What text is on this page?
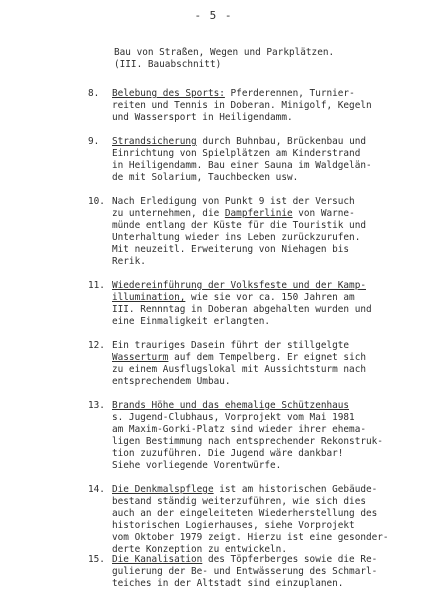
- 5 -
Bau von Straßen, Wegen und Parkplätzen.
(III. Bauabschnitt)
8. Belebung des Sports: Pferderennen, Turnier-
reiten und Tennis in Doberan. Minigolf, Kegeln
und Wassersport in Heiligendamm.
9. Strandsicherung durch Buhnbau, Brückenbau und
Einrichtung von Spielplätzen am Kinderstrand
in Heiligendamm. Bau einer Sauna im Waldgelän-
de mit Solarium, Tauchbecken usw.
10. Nach Erledigung von Punkt 9 ist der Versuch
zu unternehmen, die Dampferlinie von Warne-
münde entlang der Küste für die Touristik und
Unterhaltung wieder ins Leben zurückzurufen.
Mit neuzeitl. Erweiterung von Niehagen bis
Rerik.
11. Wiedereinführung der Volksfeste und der Kamp-
illumination, wie sie vor ca. 150 Jahren am
III. Rennntag in Doberan abgehalten wurden und
eine Einmaligkeit erlangten.
12. Ein trauriges Dasein führt der stillgelgte
Wasserturm auf dem Tempelberg. Er eignet sich
zu einem Ausflugslokal mit Aussichtsturm nach
entsprechendem Umbau.
13. Brands Höhe und das ehemalige Schützenhaus
s. Jugend-Clubhaus, Vorprojekt vom Mai 1981
am Maxim-Gorki-Platz sind wieder ihrer ehema-
ligen Bestimmung nach entsprechender Rekonstruk-
tion zuzuführen. Die Jugend wäre dankbar!
Siehe vorliegende Vorentwürfe.
14. Die Denkmalspflege ist am historischen Gebäude-
bestand ständig weiterzuführen, wie sich dies
auch an der eingeleiteten Wiederherstellung des
historischen Logierhauses, siehe Vorprojekt
vom Oktober 1979 zeigt. Hierzu ist eine gesonder-
derte Konzeption zu entwickeln.
15. Die Kanalisation des Töpferberges sowie die Re-
gulierung der Be- und Entwässerung des Schmarl-
teiches in der Altstadt sind einzuplanen.
